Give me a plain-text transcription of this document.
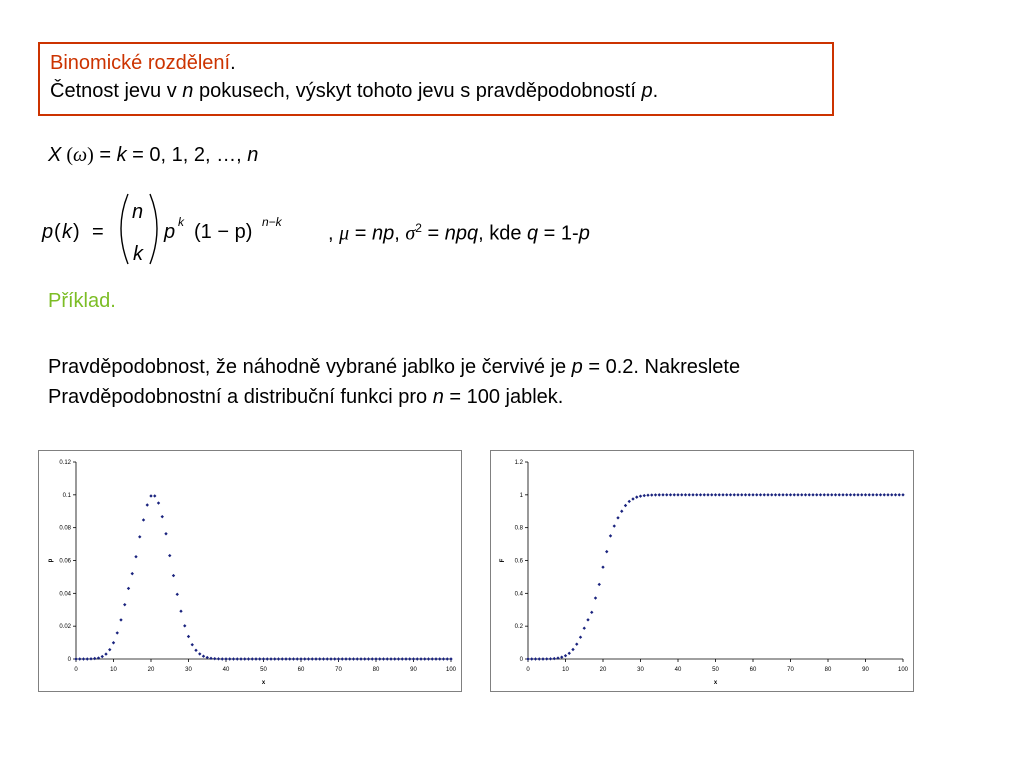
Binomické rozdělení.
Četnost jevu v n pokusech, výskyt tohoto jevu s pravděpodobností p.
X (ω) = k = 0, 1, 2, …, n
p ( k ) =
n
k
p k (1 − p) n−k
, μ = np, $\sigma^2$ = npq, kde q = 1-p
Příklad.
Pravděpodobnost, že náhodně vybrané jablko je červivé je p = 0.2. Nakreslete
Pravděpodobnostní a distribuční funkci pro n = 100 jablek.
0
0.02
0.04
0.06
0.08
0.1
0.12
0	10	20	30	40	50	60	70	80	90	100
x
p
0
0.2
0.4
0.6
0.8
1
1.2
0	10	20	30	40	50	60	70	80	90	100
x
F
